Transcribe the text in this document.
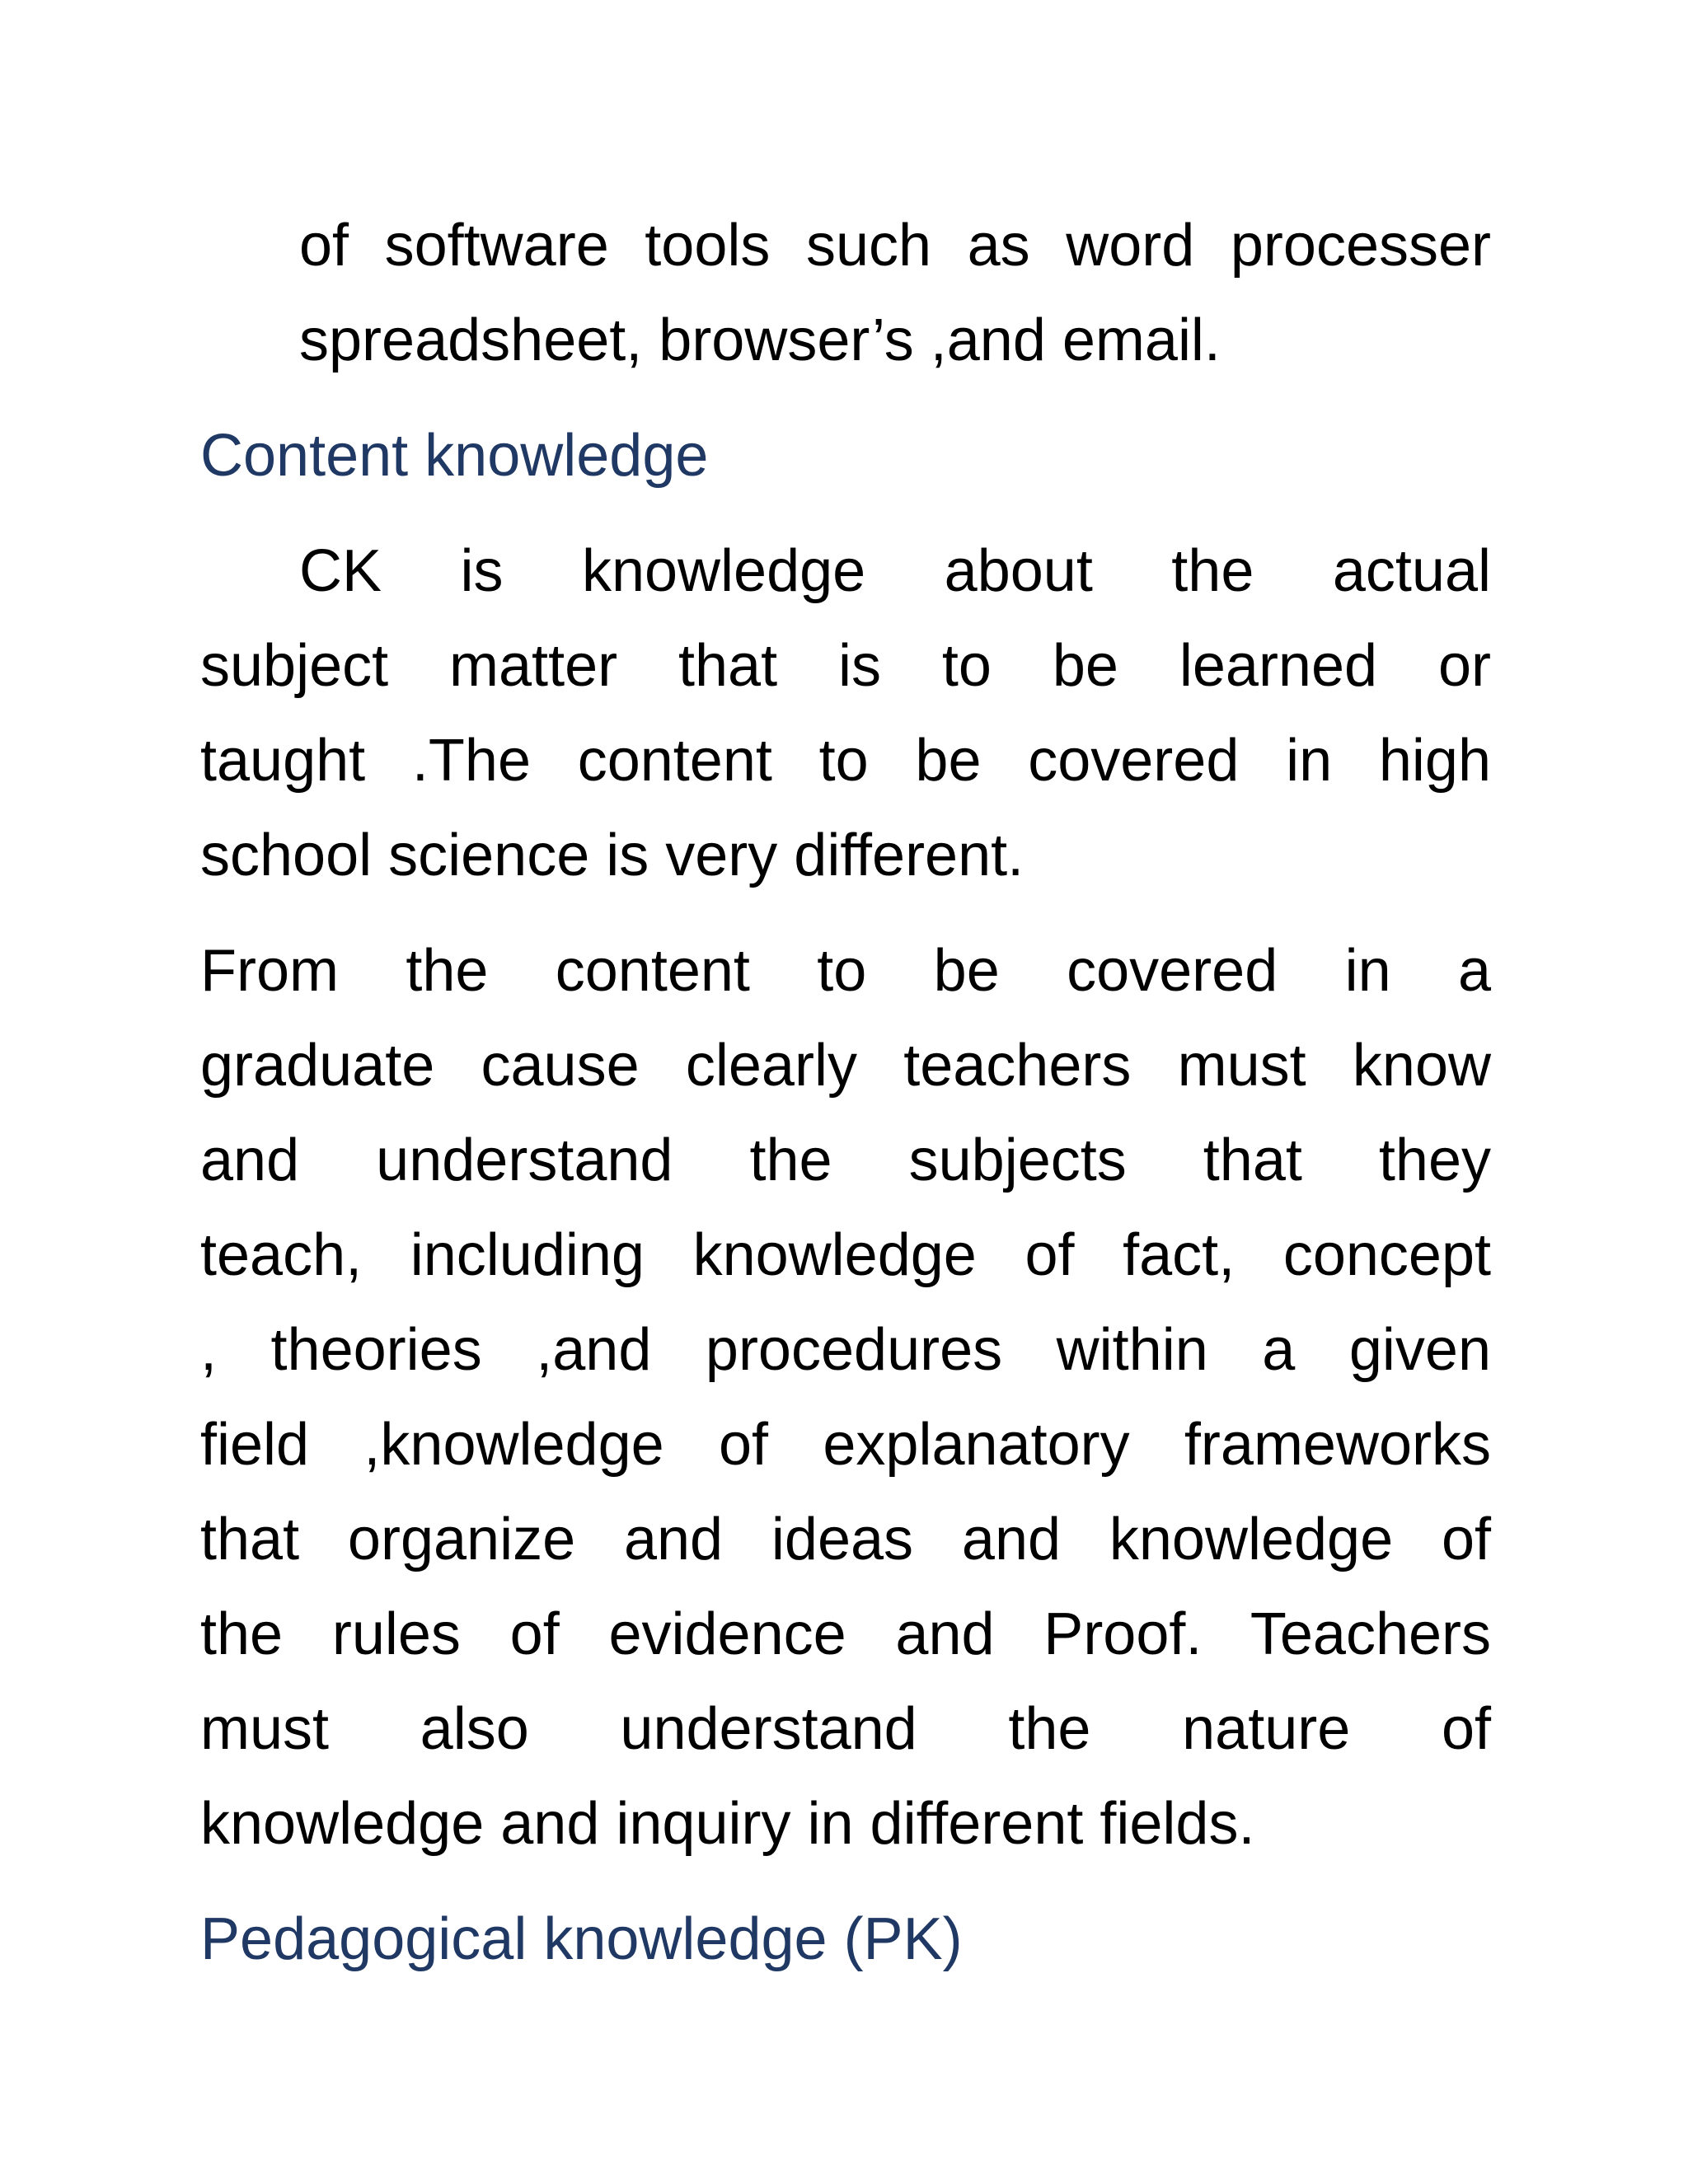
of software tools such as word processer
spreadsheet, browser’s ,and email.
Content knowledge
CK is knowledge about the actual
subject matter that is to be learned or
taught .The content to be covered in high
school science is very different.
From the content to be covered in a
graduate cause clearly teachers must know
and understand the subjects that they
teach, including knowledge of fact, concept
, theories ,and procedures within a given
field ,knowledge of explanatory frameworks
that organize and ideas and knowledge of
the rules of evidence and Proof. Teachers
must also understand the nature of
knowledge and inquiry in different fields.
Pedagogical knowledge (PK)
